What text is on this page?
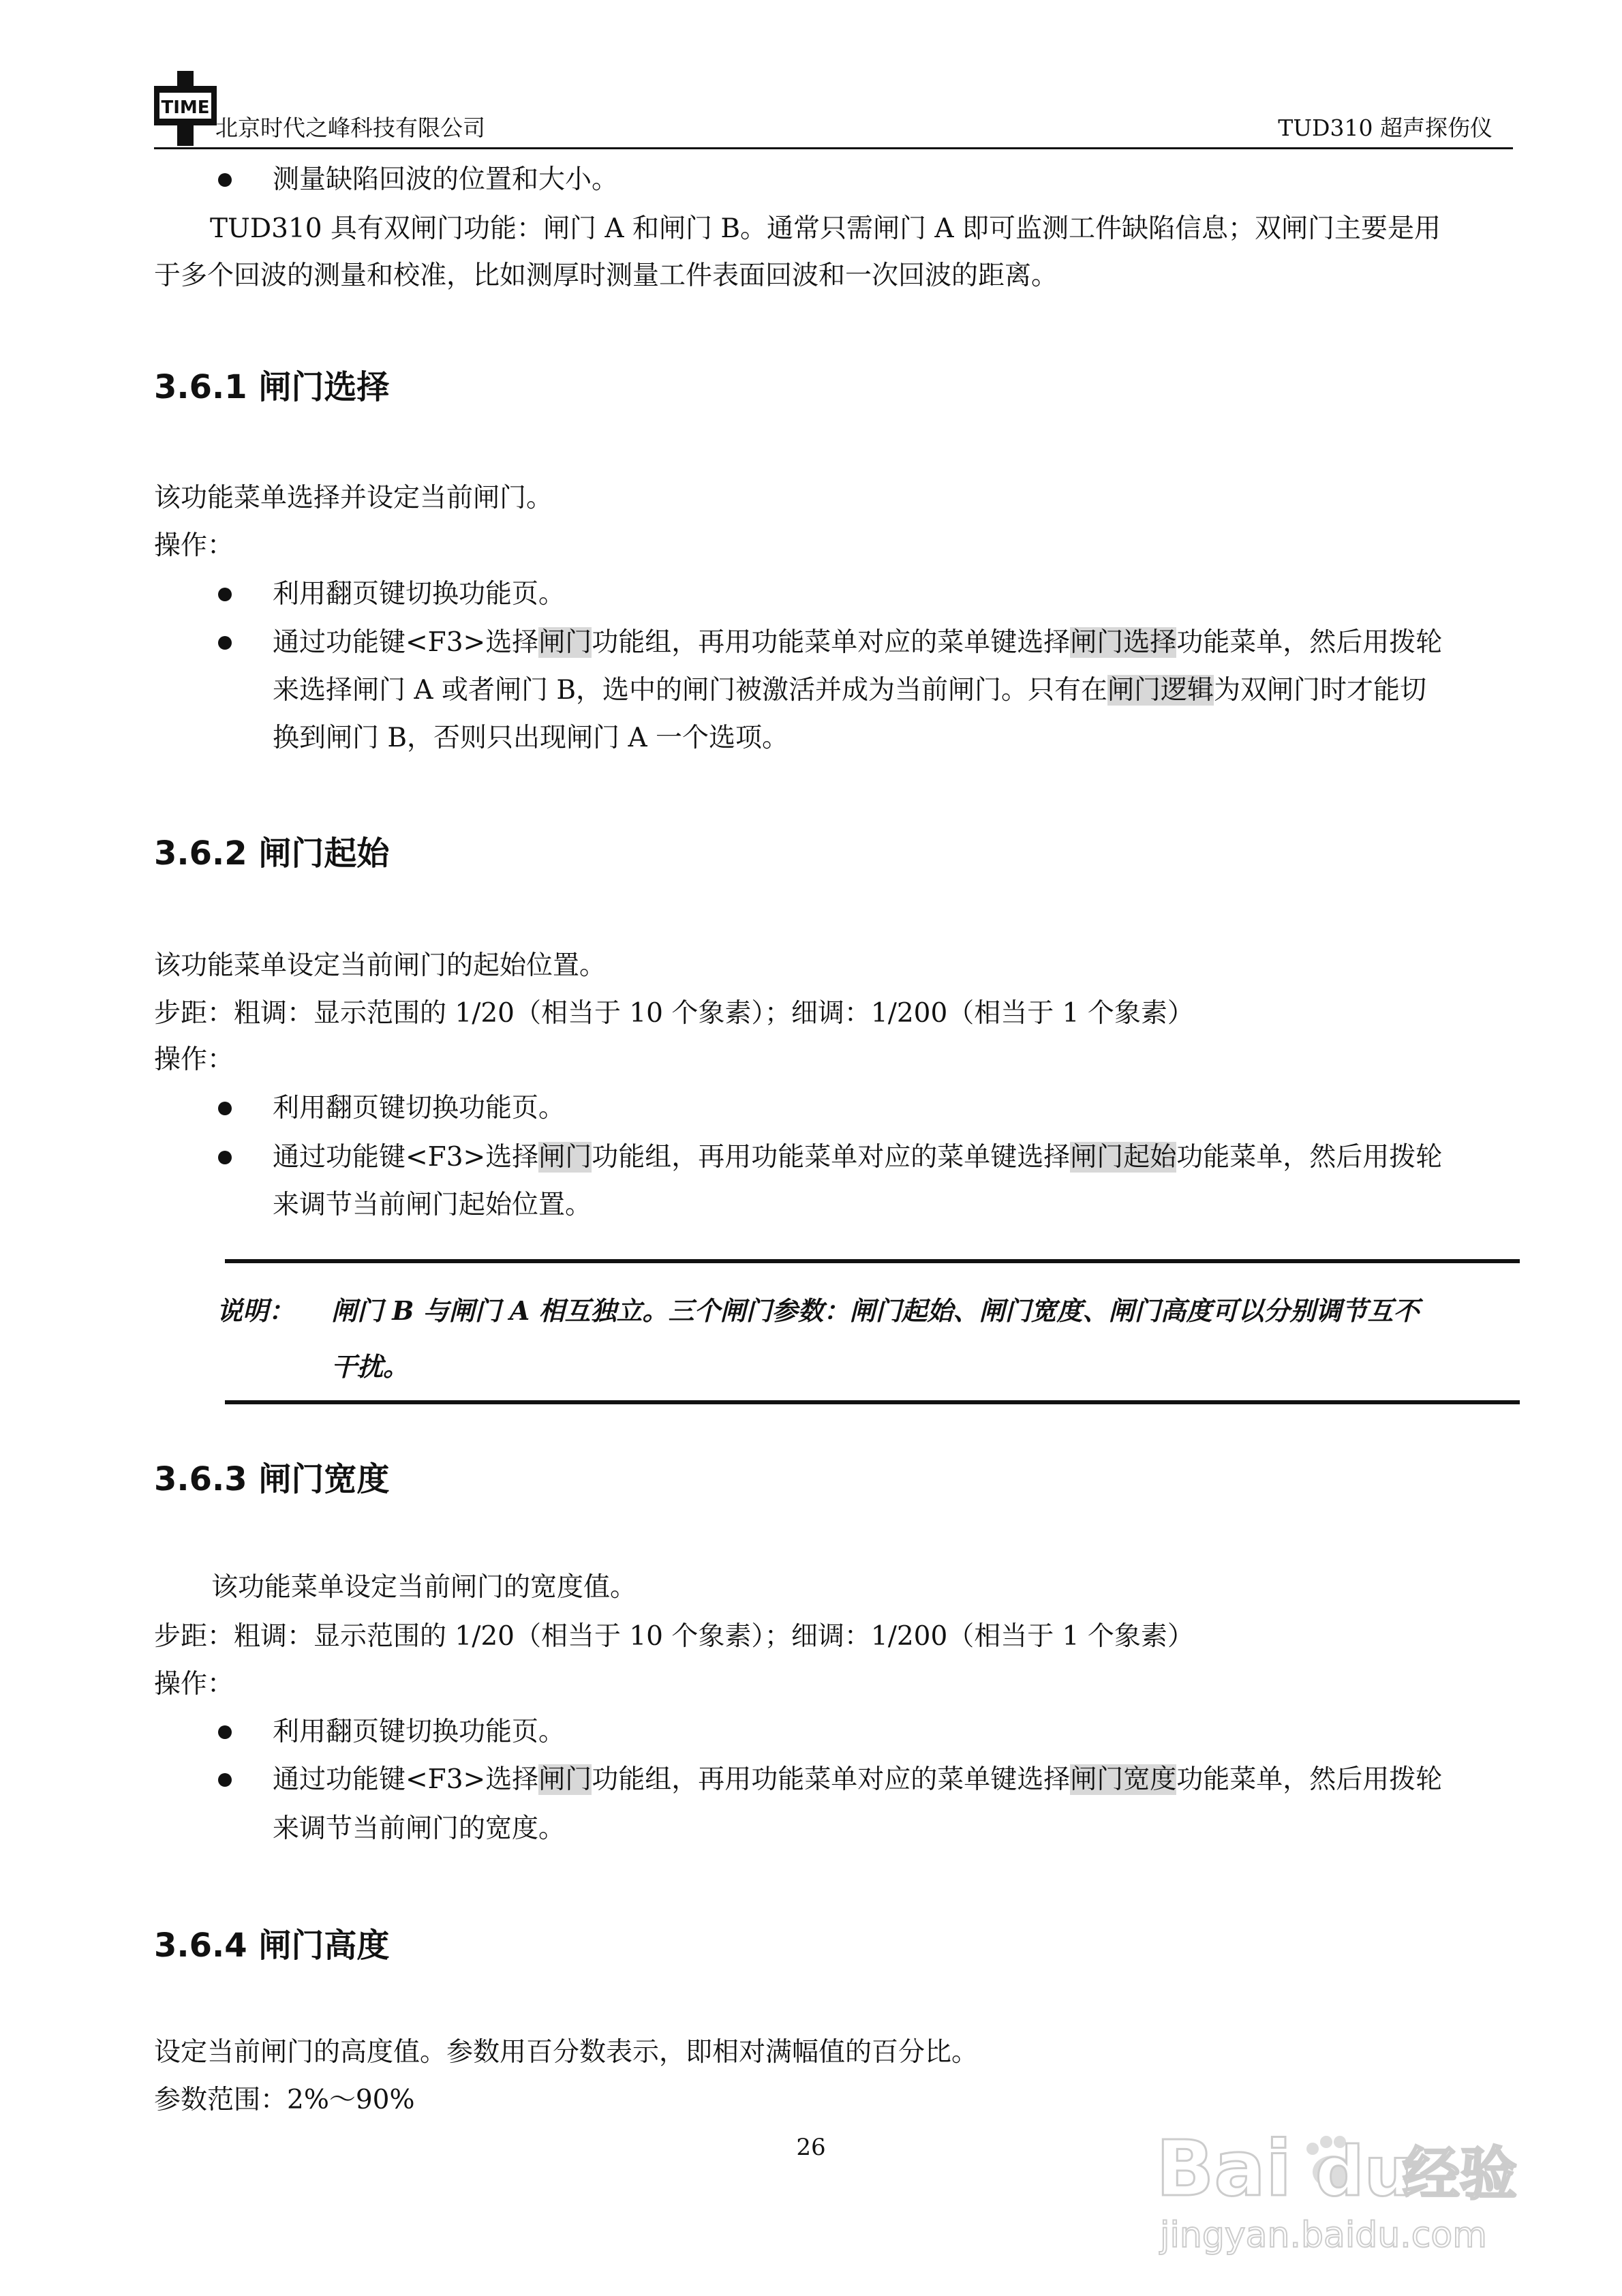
TIME
北京时代之峰科技有限公司	TUD310 超声探伤仪
测量缺陷回波的位置和大小。
TUD310 具有双闸门功能：闸门 A 和闸门 B。通常只需闸门 A 即可监测工件缺陷信息；双闸门主要是用
于多个回波的测量和校准，比如测厚时测量工件表面回波和一次回波的距离。
3.6.1 闸门选择
该功能菜单选择并设定当前闸门。
操作：
利用翻页键切换功能页。
通过功能键<F3>选择闸门功能组，再用功能菜单对应的菜单键选择闸门选择功能菜单，然后用拨轮
来选择闸门 A 或者闸门 B，选中的闸门被激活并成为当前闸门。只有在闸门逻辑为双闸门时才能切
换到闸门 B，否则只出现闸门 A 一个选项。
3.6.2 闸门起始
该功能菜单设定当前闸门的起始位置。
步距：粗调：显示范围的 1/20（相当于 10 个象素）；细调：1/200（相当于 1 个象素）
操作：
利用翻页键切换功能页。
通过功能键<F3>选择闸门功能组，再用功能菜单对应的菜单键选择闸门起始功能菜单，然后用拨轮
来调节当前闸门起始位置。
说明： 闸门 B 与闸门 A 相互独立。三个闸门参数：闸门起始、闸门宽度、闸门高度可以分别调节互不
干扰。
3.6.3 闸门宽度
该功能菜单设定当前闸门的宽度值。
步距：粗调：显示范围的 1/20（相当于 10 个象素）；细调：1/200（相当于 1 个象素）
操作：
利用翻页键切换功能页。
通过功能键<F3>选择闸门功能组，再用功能菜单对应的菜单键选择闸门宽度功能菜单，然后用拨轮
来调节当前闸门的宽度。
3.6.4 闸门高度
设定当前闸门的高度值。参数用百分数表示，即相对满幅值的百分比。
参数范围：2%～90%
26	Bai du
经验
jingyan.baidu.com
